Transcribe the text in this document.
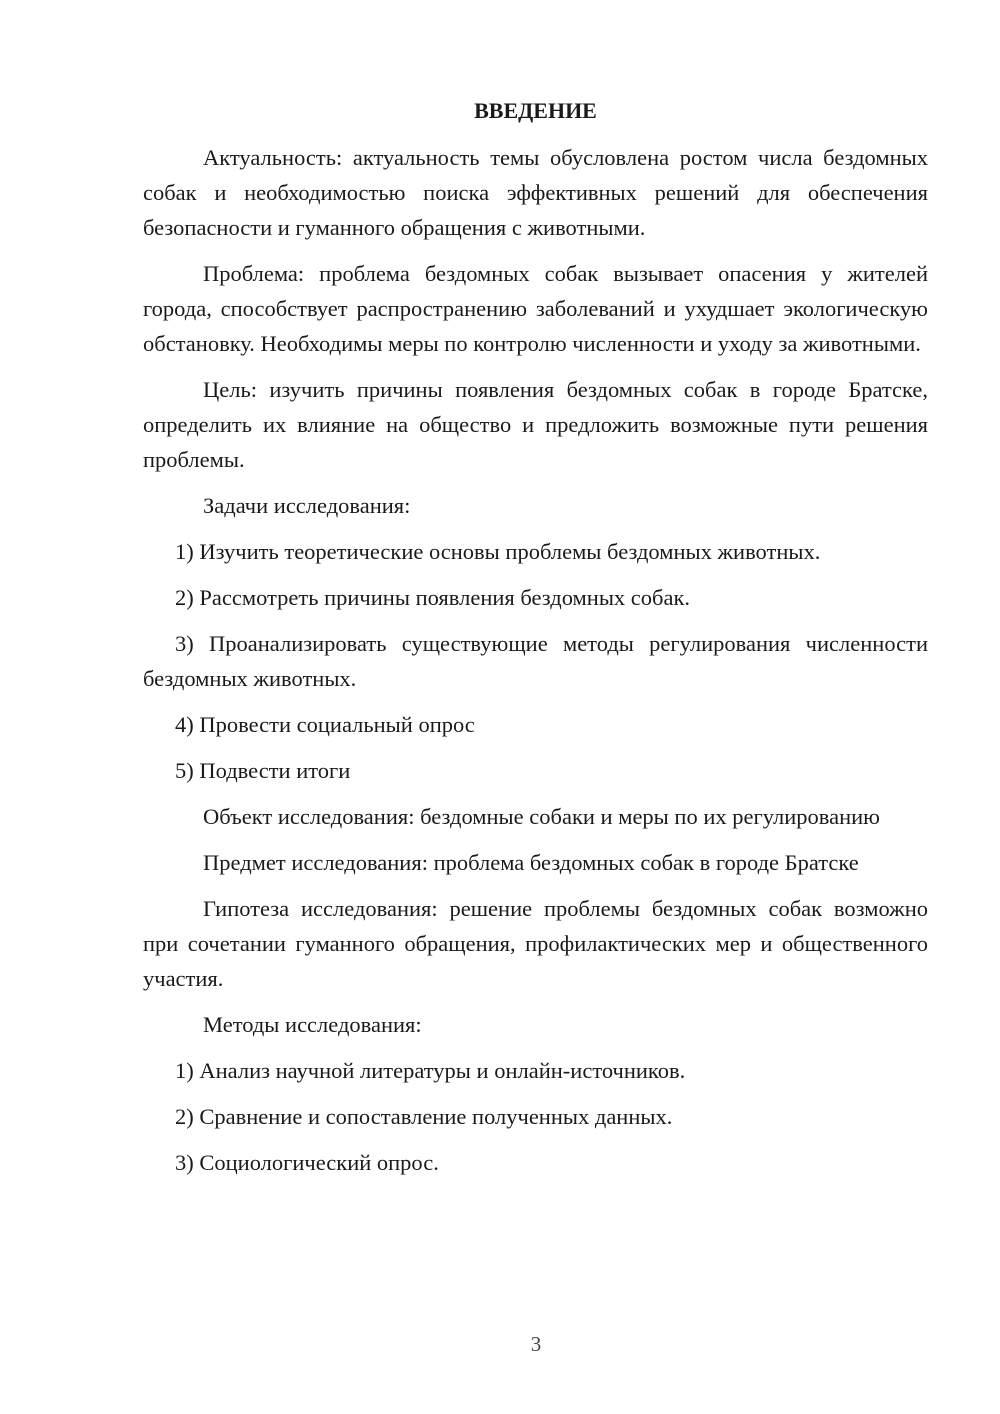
ВВЕДЕНИЕ

Актуальность: актуальность темы обусловлена ростом числа бездомных собак и необходимостью поиска эффективных решений для обеспечения безопасности и гуманного обращения с животными.

Проблема: проблема бездомных собак вызывает опасения у жителей города, способствует распространению заболеваний и ухудшает экологическую обстановку. Необходимы меры по контролю численности и уходу за животными.

Цель: изучить причины появления бездомных собак в городе Братске, определить их влияние на общество и предложить возможные пути решения проблемы.

Задачи исследования:

1) Изучить теоретические основы проблемы бездомных животных.

2) Рассмотреть причины появления бездомных собак.

3) Проанализировать существующие методы регулирования численности бездомных животных.

4) Провести социальный опрос

5) Подвести итоги

Объект исследования: бездомные собаки и меры по их регулированию

Предмет исследования: проблема бездомных собак в городе Братске

Гипотеза исследования: решение проблемы бездомных собак возможно при сочетании гуманного обращения, профилактических мер и общественного участия.

Методы исследования:

1) Анализ научной литературы и онлайн-источников.

2) Сравнение и сопоставление полученных данных.

3) Социологический опрос.

3
